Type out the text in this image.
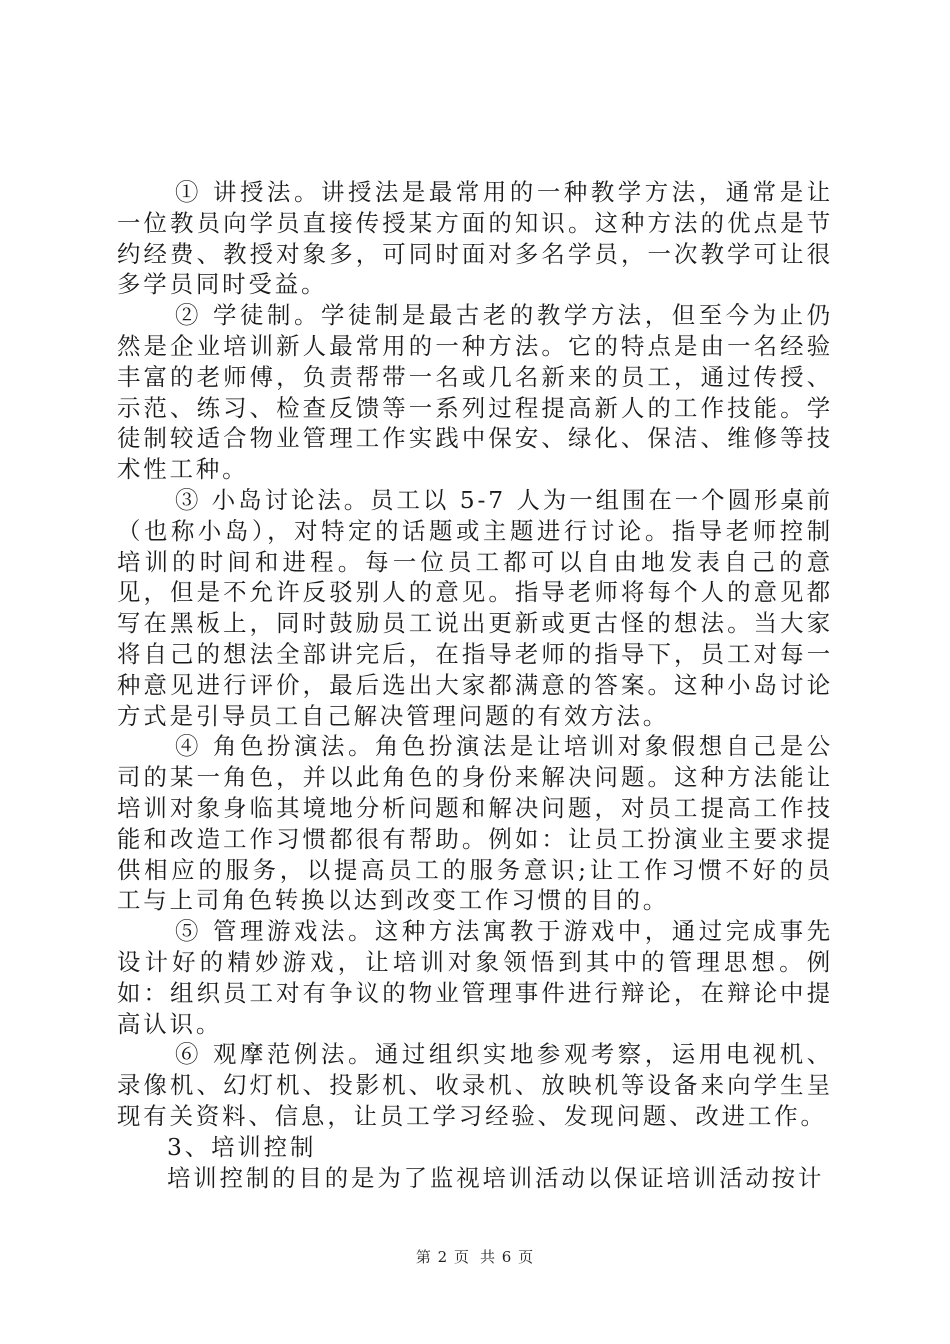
① 讲授法。讲授法是最常用的一种教学方法，通常是让一位教员向学员直接传授某方面的知识。这种方法的优点是节约经费、教授对象多，可同时面对多名学员，一次教学可让很多学员同时受益。

② 学徒制。学徒制是最古老的教学方法，但至今为止仍然是企业培训新人最常用的一种方法。它的特点是由一名经验丰富的老师傅，负责帮带一名或几名新来的员工，通过传授、示范、练习、检查反馈等一系列过程提高新人的工作技能。学徒制较适合物业管理工作实践中保安、绿化、保洁、维修等技术性工种。

③ 小岛讨论法。员工以 5-7 人为一组围在一个圆形桌前（也称小岛），对特定的话题或主题进行讨论。指导老师控制培训的时间和进程。每一位员工都可以自由地发表自己的意见，但是不允许反驳别人的意见。指导老师将每个人的意见都写在黑板上，同时鼓励员工说出更新或更古怪的想法。当大家将自己的想法全部讲完后，在指导老师的指导下，员工对每一种意见进行评价，最后选出大家都满意的答案。这种小岛讨论方式是引导员工自己解决管理问题的有效方法。

④ 角色扮演法。角色扮演法是让培训对象假想自己是公司的某一角色，并以此角色的身份来解决问题。这种方法能让培训对象身临其境地分析问题和解决问题，对员工提高工作技能和改造工作习惯都很有帮助。例如：让员工扮演业主要求提供相应的服务，以提高员工的服务意识;让工作习惯不好的员工与上司角色转换以达到改变工作习惯的目的。

⑤ 管理游戏法。这种方法寓教于游戏中，通过完成事先设计好的精妙游戏，让培训对象领悟到其中的管理思想。例如：组织员工对有争议的物业管理事件进行辩论，在辩论中提高认识。

⑥ 观摩范例法。通过组织实地参观考察，运用电视机、录像机、幻灯机、投影机、收录机、放映机等设备来向学生呈现有关资料、信息，让员工学习经验、发现问题、改进工作。

3、培训控制

培训控制的目的是为了监视培训活动以保证培训活动按计

第 2 页 共 6 页
